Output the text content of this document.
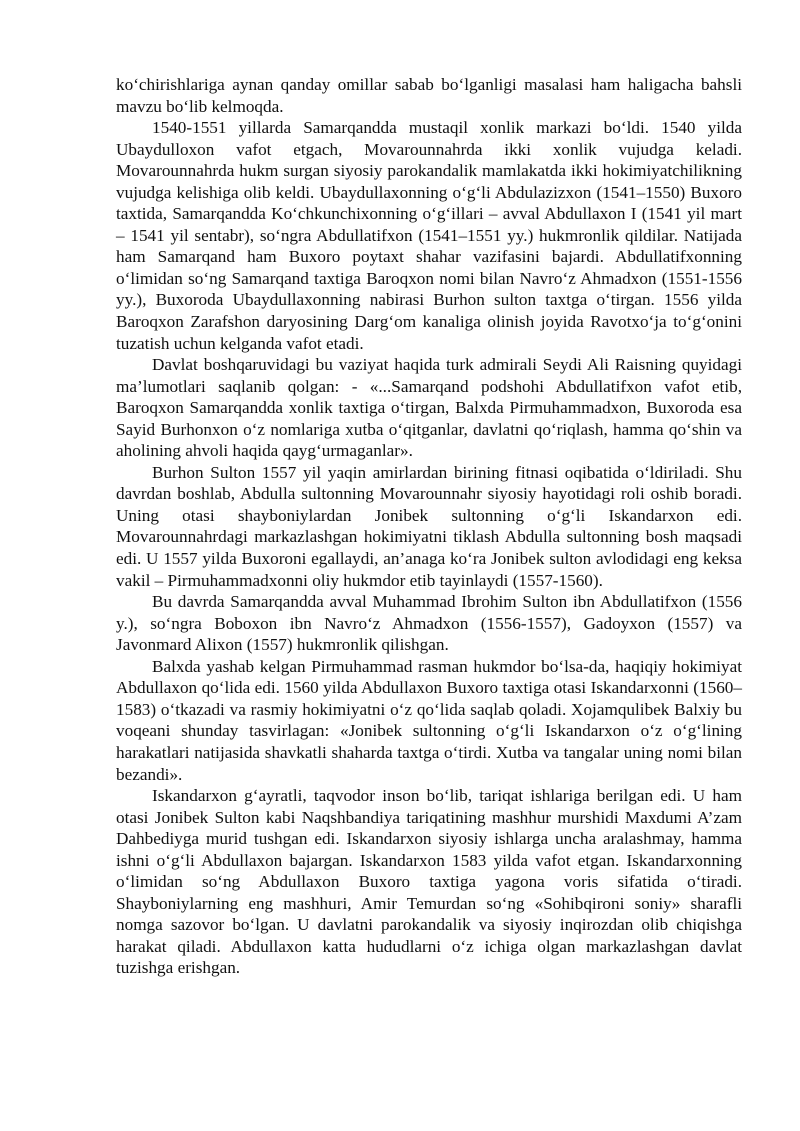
ko‘chirishlariga aynan qanday omillar sabab bo‘lganligi masalasi ham haligacha bahsli mavzu bo‘lib kelmoqda.

1540-1551 yillarda Samarqandda mustaqil xonlik markazi bo‘ldi. 1540 yilda Ubaydulloxon vafot etgach, Movarounnahrda ikki xonlik vujudga keladi. Movarounnahrda hukm surgan siyosiy parokandalik mamlakatda ikki hokimiyatchilikning vujudga kelishiga olib keldi. Ubaydullaxonning o‘g‘li Abdulazizxon (1541–1550) Buxoro taxtida, Samarqandda Ko‘chkunchixonning o‘g‘illari – avval Abdullaxon I (1541 yil mart – 1541 yil sentabr), so‘ngra Abdullatifxon (1541–1551 yy.) hukmronlik qildilar. Natijada ham Samarqand ham Buxoro poytaxt shahar vazifasini bajardi. Abdullatifxonning o‘limidan so‘ng Samarqand taxtiga Baroqxon nomi bilan Navro‘z Ahmadxon (1551-1556 yy.), Buxoroda Ubaydullaxonning nabirasi Burhon sulton taxtga o‘tirgan. 1556 yilda Baroqxon Zarafshon daryosining Darg‘om kanaliga olinish joyida Ravotxo‘ja to‘g‘onini tuzatish uchun kelganda vafot etadi.

Davlat boshqaruvidagi bu vaziyat haqida turk admirali Seydi Ali Raisning quyidagi ma’lumotlari saqlanib qolgan: - «...Samarqand podshohi Abdullatifxon vafot etib, Baroqxon Samarqandda xonlik taxtiga o‘tirgan, Balxda Pirmuhammadxon, Buxoroda esa Sayid Burhonxon o‘z nomlariga xutba o‘qitganlar, davlatni qo‘riqlash, hamma qo‘shin va aholining ahvoli haqida qayg‘urmaganlar».

Burhon Sulton 1557 yil yaqin amirlardan birining fitnasi oqibatida o‘ldiriladi. Shu davrdan boshlab, Abdulla sultonning Movarounnahr siyosiy hayotidagi roli oshib boradi. Uning otasi shayboniylardan Jonibek sultonning o‘g‘li Iskandarxon edi. Movarounnahrdagi markazlashgan hokimiyatni tiklash Abdulla sultonning bosh maqsadi edi. U 1557 yilda Buxoroni egallaydi, an’anaga ko‘ra Jonibek sulton avlodidagi eng keksa vakil – Pirmuhammadxonni oliy hukmdor etib tayinlaydi (1557-1560).

Bu davrda Samarqandda avval Muhammad Ibrohim Sulton ibn Abdullatifxon (1556 y.), so‘ngra Boboxon ibn Navro‘z Ahmadxon (1556-1557), Gadoyxon (1557) va Javonmard Alixon (1557) hukmronlik qilishgan.

Balxda yashab kelgan Pirmuhammad rasman hukmdor bo‘lsa-da, haqiqiy hokimiyat Abdullaxon qo‘lida edi. 1560 yilda Abdullaxon Buxoro taxtiga otasi Iskandarxonni (1560–1583) o‘tkazadi va rasmiy hokimiyatni o‘z qo‘lida saqlab qoladi. Xojamqulibek Balxiy bu voqeani shunday tasvirlagan: «Jonibek sultonning o‘g‘li Iskandarxon o‘z o‘g‘lining harakatlari natijasida shavkatli shaharda taxtga o‘tirdi. Xutba va tangalar uning nomi bilan bezandi».

Iskandarxon g‘ayratli, taqvodor inson bo‘lib, tariqat ishlariga berilgan edi. U ham otasi Jonibek Sulton kabi Naqshbandiya tariqatining mashhur murshidi Maxdumi A’zam Dahbediyga murid tushgan edi. Iskandarxon siyosiy ishlarga uncha aralashmay, hamma ishni o‘g‘li Abdullaxon bajargan. Iskandarxon 1583 yilda vafot etgan. Iskandarxonning o‘limidan so‘ng Abdullaxon Buxoro taxtiga yagona voris sifatida o‘tiradi. Shayboniylarning eng mashhuri, Amir Temurdan so‘ng «Sohibqironi soniy» sharafli nomga sazovor bo‘lgan. U davlatni parokandalik va siyosiy inqirozdan olib chiqishga harakat qiladi. Abdullaxon katta hududlarni o‘z ichiga olgan markazlashgan davlat tuzishga erishgan.
